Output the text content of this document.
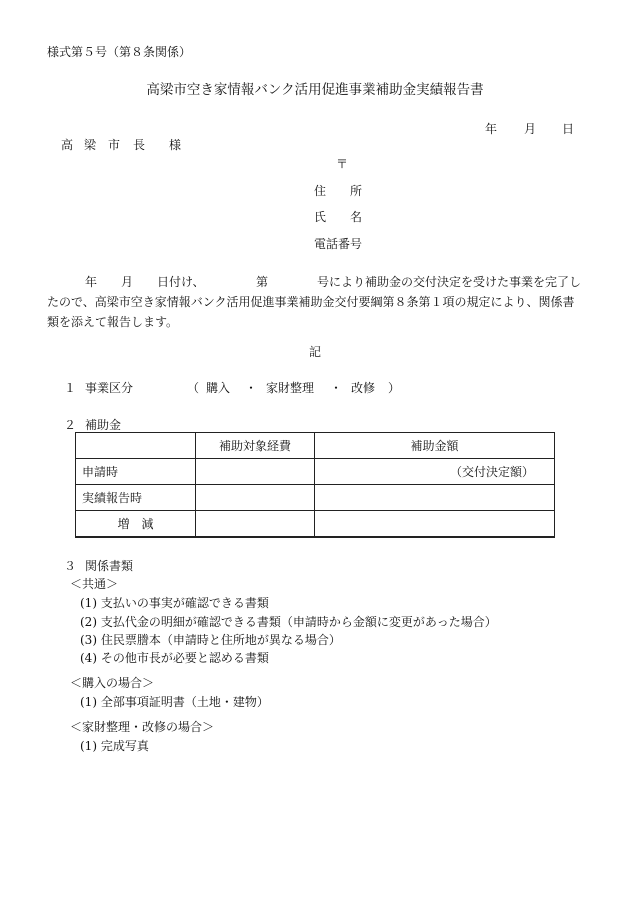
様式第５号（第８条関係）
高梁市空き家情報バンク活用促進事業補助金実績報告書
年 月 日
高 梁 市 長 様
〒
住 所
氏 名
電話番号
年 月 日付け、	第	号により補助金の交付決定を受けた事業を完了し
たので、高梁市空き家情報バンク活用促進事業補助金交付要綱第８条第１項の規定により、関係書
類を添えて報告します。
記
１ 事業区分	（ 購入 ・ 家財整理 ・ 改修 ）
２ 補助金
	補助対象経費	補助金額
申請時		（交付決定額）
実績報告時		
増　減		
３ 関係書類
＜共通＞
(1) 支払いの事実が確認できる書類
(2) 支払代金の明細が確認できる書類（申請時から金額に変更があった場合）
(3) 住民票謄本（申請時と住所地が異なる場合）
(4) その他市長が必要と認める書類
＜購入の場合＞
(1) 全部事項証明書（土地・建物）
＜家財整理・改修の場合＞
(1) 完成写真
